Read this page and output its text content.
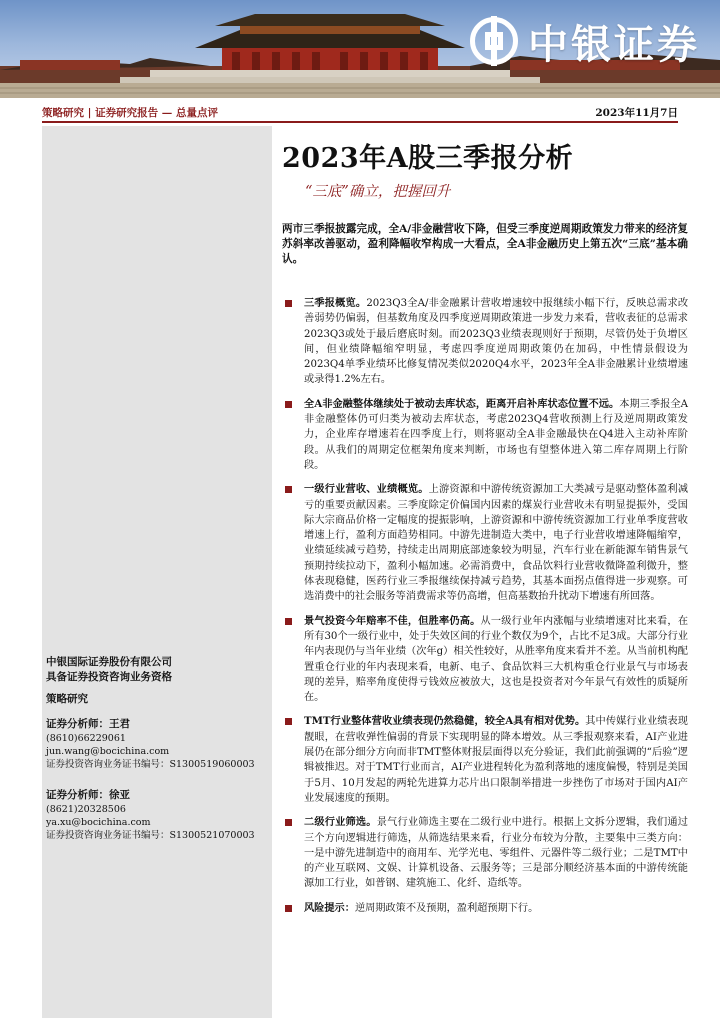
中银证券
策略研究 | 证券研究报告 — 总量点评	2023年11月7日
中银国际证券股份有限公司
具备证券投资咨询业务资格
策略研究
证券分析师：王君
(8610)66229061
jun.wang@bocichina.com
证券投资咨询业务证书编号：S1300519060003
证券分析师：徐亚
(8621)20328506
ya.xu@bocichina.com
证券投资咨询业务证书编号：S1300521070003
2023年A股三季报分析
“三底”确立，把握回升
两市三季报披露完成，全A/非金融营收下降，但受三季度逆周期政策发力带来的经济复苏斜率改善驱动，盈利降幅收窄构成一大看点，全A非金融历史上第五次“三底”基本确认。
三季报概览。2023Q3全A/非金融累计营收增速较中报继续小幅下行，反映总需求改善弱势仍偏弱，但基数角度及四季度逆周期政策进一步发力来看，营收表征的总需求2023Q3或处于最后磨底时刻。而2023Q3业绩表现则好于预期，尽管仍处于负增区间，但业绩降幅缩窄明显，考虑四季度逆周期政策仍在加码，中性情景假设为2023Q4单季业绩环比修复情况类似2020Q4水平，2023年全A非金融累计业绩增速或录得1.2%左右。
全A非金融整体继续处于被动去库状态，距离开启补库状态位置不远。本期三季报全A非金融整体仍可归类为被动去库状态，考虑2023Q4营收预测上行及逆周期政策发力，企业库存增速若在四季度上行，则将驱动全A非金融最快在Q4进入主动补库阶段。从我们的周期定位框架角度来判断，市场也有望整体进入第二库存周期上行阶段。
一级行业营收、业绩概览。上游资源和中游传统资源加工大类减亏是驱动整体盈利减亏的重要贡献因素。三季度除定价偏国内因素的煤炭行业营收未有明显提振外，受国际大宗商品价格一定幅度的提振影响，上游资源和中游传统资源加工行业单季度营收增速上行，盈利方面趋势相同。中游先进制造大类中，电子行业营收增速降幅缩窄，业绩延续减亏趋势，持续走出周期底部迹象较为明显，汽车行业在新能源车销售景气预期持续拉动下，盈利小幅加速。必需消费中，食品饮料行业营收微降盈利微升，整体表现稳健，医药行业三季报继续保持减亏趋势，其基本面拐点值得进一步观察。可选消费中的社会服务等消费需求等仍高增，但高基数抬升扰动下增速有所回落。
景气投资今年赔率不佳，但胜率仍高。从一级行业年内涨幅与业绩增速对比来看，在所有30个一级行业中，处于失效区间的行业个数仅为9个，占比不足3成。大部分行业年内表现仍与当年业绩（次年g）相关性较好，从胜率角度来看并不差。从当前机构配置重仓行业的年内表现来看，电新、电子、食品饮料三大机构重仓行业景气与市场表现的差异，赔率角度使得亏钱效应被放大，这也是投资者对今年景气有效性的质疑所在。
TMT行业整体营收业绩表现仍然稳健，较全A具有相对优势。其中传媒行业业绩表现靓眼，在营收弹性偏弱的背景下实现明显的降本增效。从三季报观察来看，AI产业进展仍在部分细分方向而非TMT整体财报层面得以充分验证，我们此前强调的“后验”逻辑被推迟。对于TMT行业而言，AI产业进程转化为盈利落地的速度偏慢，特别是美国于5月、10月发起的两轮先进算力芯片出口限制举措进一步挫伤了市场对于国内AI产业发展速度的预期。
二级行业筛选。景气行业筛选主要在二级行业中进行。根据上文拆分逻辑，我们通过三个方向逻辑进行筛选，从筛选结果来看，行业分布较为分散，主要集中三类方向：一是中游先进制造中的商用车、光学光电、零组件、元器件等二级行业；二是TMT中的产业互联网、文娱、计算机设备、云服务等；三是部分顺经济基本面的中游传统能源加工行业，如普钢、建筑施工、化纤、造纸等。
风险提示：逆周期政策不及预期，盈利超预期下行。
